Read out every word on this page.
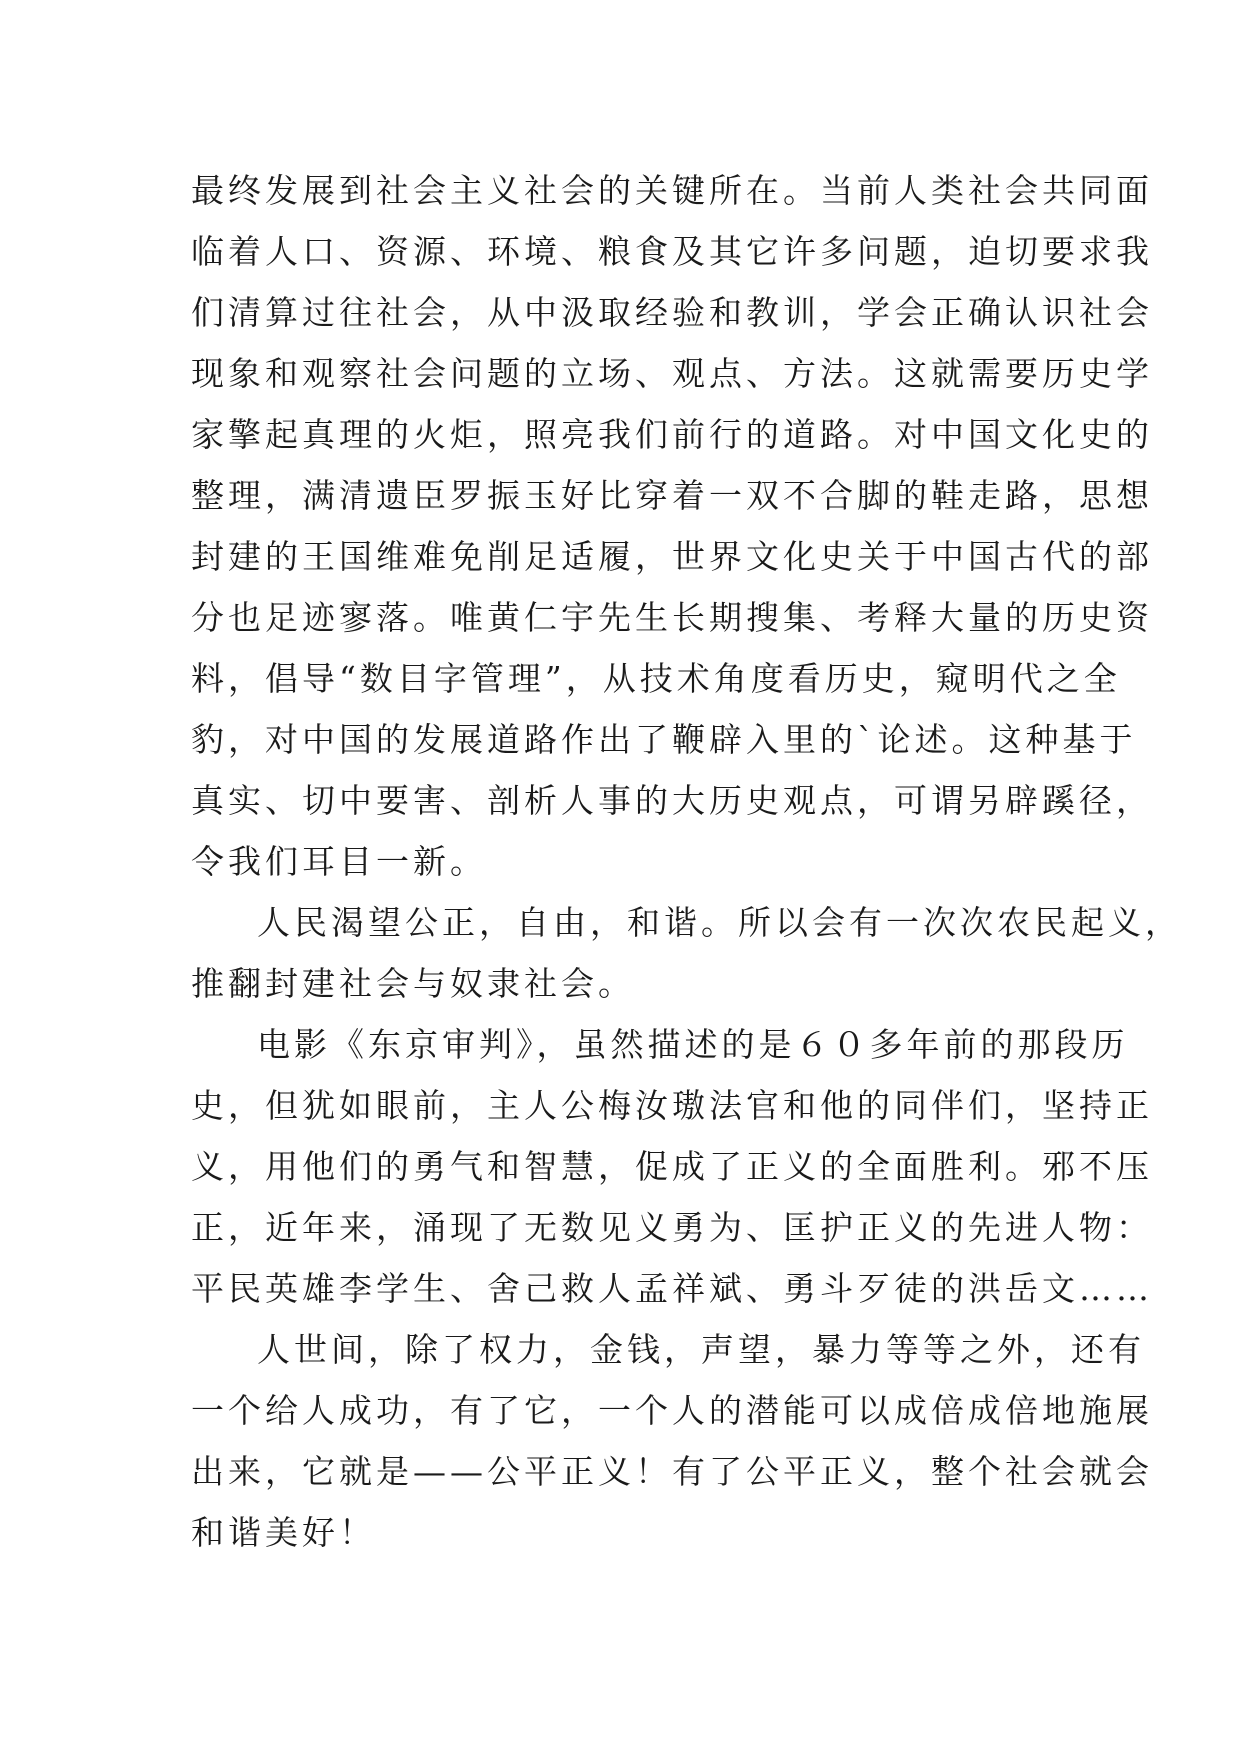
最终发展到社会主义社会的关键所在。当前人类社会共同面
临着人口、资源、环境、粮食及其它许多问题，迫切要求我
们清算过往社会，从中汲取经验和教训，学会正确认识社会
现象和观察社会问题的立场、观点、方法。这就需要历史学
家擎起真理的火炬，照亮我们前行的道路。对中国文化史的
整理，满清遗臣罗振玉好比穿着一双不合脚的鞋走路，思想
封建的王国维难免削足适履，世界文化史关于中国古代的部
分也足迹寥落。唯黄仁宇先生长期搜集、考释大量的历史资
料，倡导“数目字管理”，从技术角度看历史，窥明代之全
豹，对中国的发展道路作出了鞭辟入里的`论述。这种基于
真实、切中要害、剖析人事的大历史观点，可谓另辟蹊径，
令我们耳目一新。
人民渴望公正，自由，和谐。所以会有一次次农民起义，
推翻封建社会与奴隶社会。
电影《东京审判》，虽然描述的是６０多年前的那段历
史，但犹如眼前，主人公梅汝璈法官和他的同伴们，坚持正
义，用他们的勇气和智慧，促成了正义的全面胜利。邪不压
正，近年来，涌现了无数见义勇为、匡护正义的先进人物：
平民英雄李学生、舍己救人孟祥斌、勇斗歹徒的洪岳文……
人世间，除了权力，金钱，声望，暴力等等之外，还有
一个给人成功，有了它，一个人的潜能可以成倍成倍地施展
出来，它就是——公平正义！有了公平正义，整个社会就会
和谐美好！
